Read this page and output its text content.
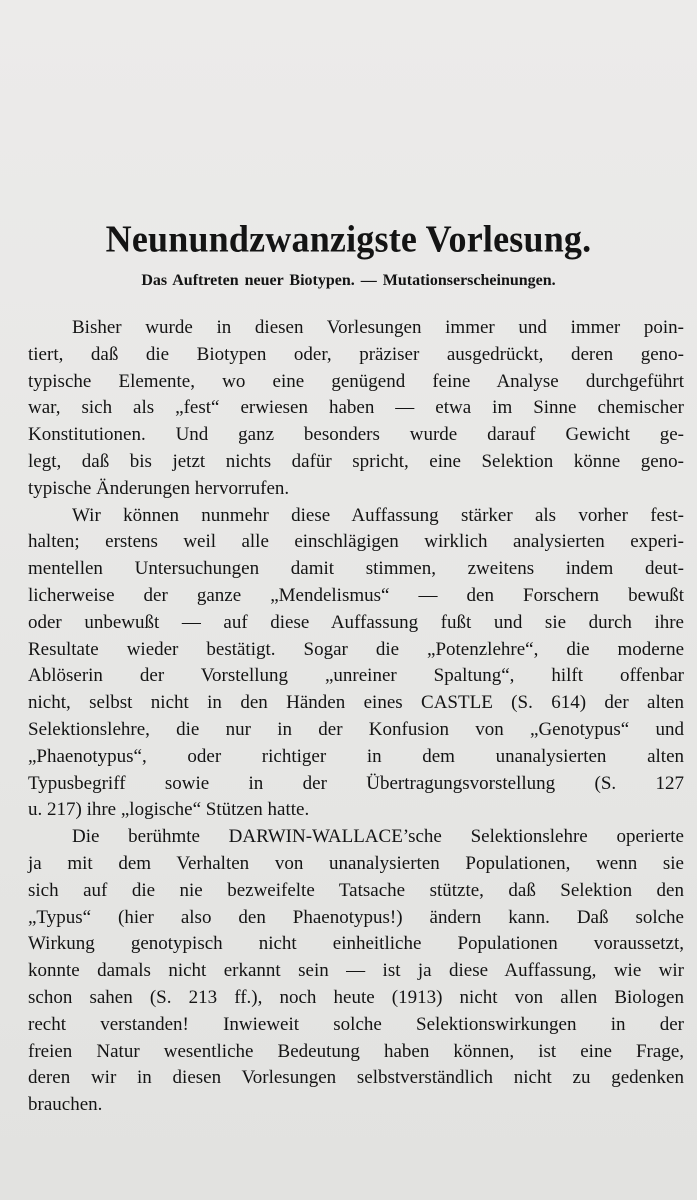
Neunundzwanzigste Vorlesung.
Das Auftreten neuer Biotypen. — Mutationserscheinungen.
Bisher wurde in diesen Vorlesungen immer und immer poin-
tiert, daß die Biotypen oder, präziser ausgedrückt, deren geno-
typische Elemente, wo eine genügend feine Analyse durchgeführt
war, sich als „fest“ erwiesen haben — etwa im Sinne chemischer
Konstitutionen. Und ganz besonders wurde darauf Gewicht ge-
legt, daß bis jetzt nichts dafür spricht, eine Selektion könne geno-
typische Änderungen hervorrufen.
Wir können nunmehr diese Auffassung stärker als vorher fest-
halten; erstens weil alle einschlägigen wirklich analysierten experi-
mentellen Untersuchungen damit stimmen, zweitens indem deut-
licherweise der ganze „Mendelismus“ — den Forschern bewußt
oder unbewußt — auf diese Auffassung fußt und sie durch ihre
Resultate wieder bestätigt. Sogar die „Potenzlehre“, die moderne
Ablöserin der Vorstellung „unreiner Spaltung“, hilft offenbar
nicht, selbst nicht in den Händen eines CASTLE (S. 614) der alten
Selektionslehre, die nur in der Konfusion von „Genotypus“ und
„Phaenotypus“, oder richtiger in dem unanalysierten alten
Typusbegriff sowie in der Übertragungsvorstellung (S. 127
u. 217) ihre „logische“ Stützen hatte.
Die berühmte DARWIN-WALLACE’sche Selektionslehre operierte
ja mit dem Verhalten von unanalysierten Populationen, wenn sie
sich auf die nie bezweifelte Tatsache stützte, daß Selektion den
„Typus“ (hier also den Phaenotypus!) ändern kann. Daß solche
Wirkung genotypisch nicht einheitliche Populationen voraussetzt,
konnte damals nicht erkannt sein — ist ja diese Auffassung, wie wir
schon sahen (S. 213 ff.), noch heute (1913) nicht von allen Biologen
recht verstanden! Inwieweit solche Selektionswirkungen in der
freien Natur wesentliche Bedeutung haben können, ist eine Frage,
deren wir in diesen Vorlesungen selbstverständlich nicht zu gedenken
brauchen.
